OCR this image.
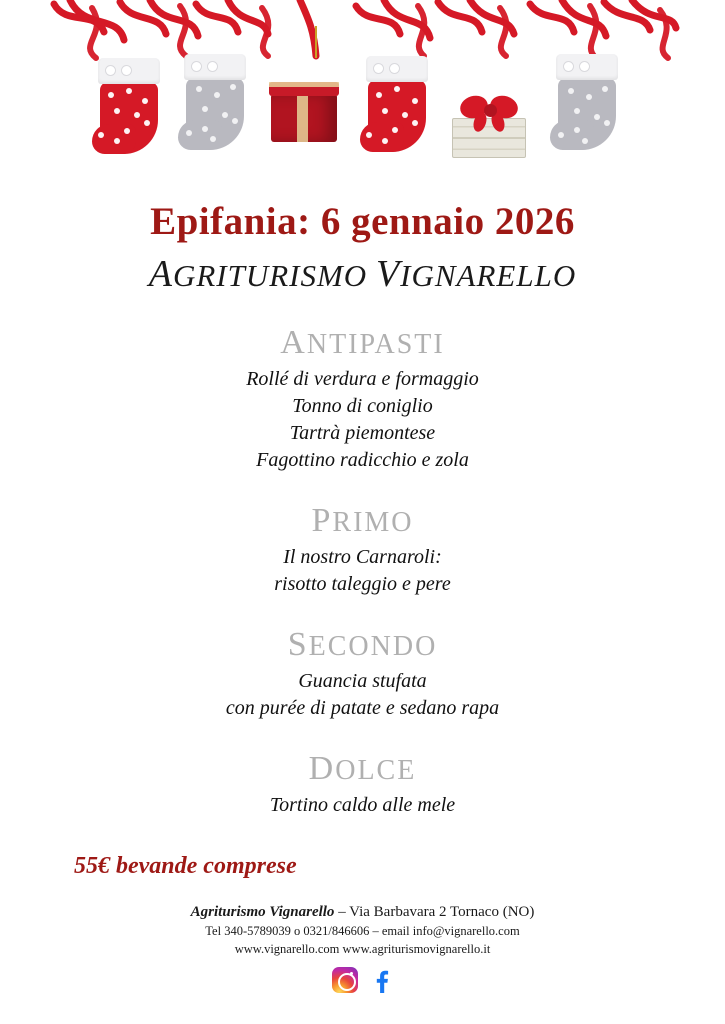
Epifania: 6 gennaio 2026
AGRITURISMO VIGNARELLO
ANTIPASTI
Rollé di verdura e formaggio
Tonno di coniglio
Tartrà piemontese
Fagottino radicchio e zola
PRIMO
Il nostro Carnaroli:
risotto taleggio e pere
SECONDO
Guancia stufata
con purée di patate e sedano rapa
DOLCE
Tortino caldo alle mele
55€ bevande comprese
Agriturismo Vignarello – Via Barbavara 2 Tornaco (NO)
Tel 340-5789039 o 0321/846606 – email info@vignarello.com
www.vignarello.com www.agriturismovignarello.it
